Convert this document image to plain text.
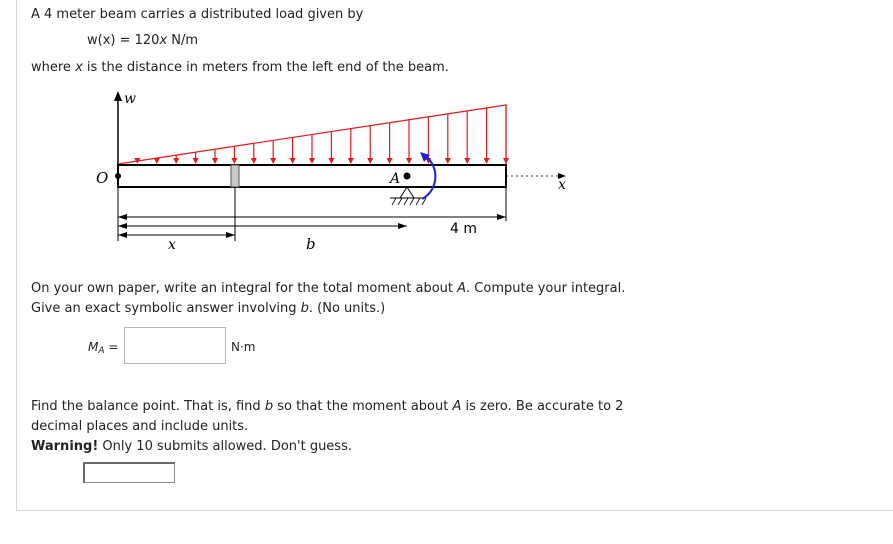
A 4 meter beam carries a distributed load given by
w(x) = 120x N/m
where x is the distance in meters from the left end of the beam.
w
O	x
A
4 m
b
x
On your own paper, write an integral for the total moment about A. Compute your integral.
Give an exact symbolic answer involving b. (No units.)
$M_A$ =	N·m
Find the balance point. That is, find b so that the moment about A is zero. Be accurate to 2
decimal places and include units.
Warning! Only 10 submits allowed. Don't guess.
